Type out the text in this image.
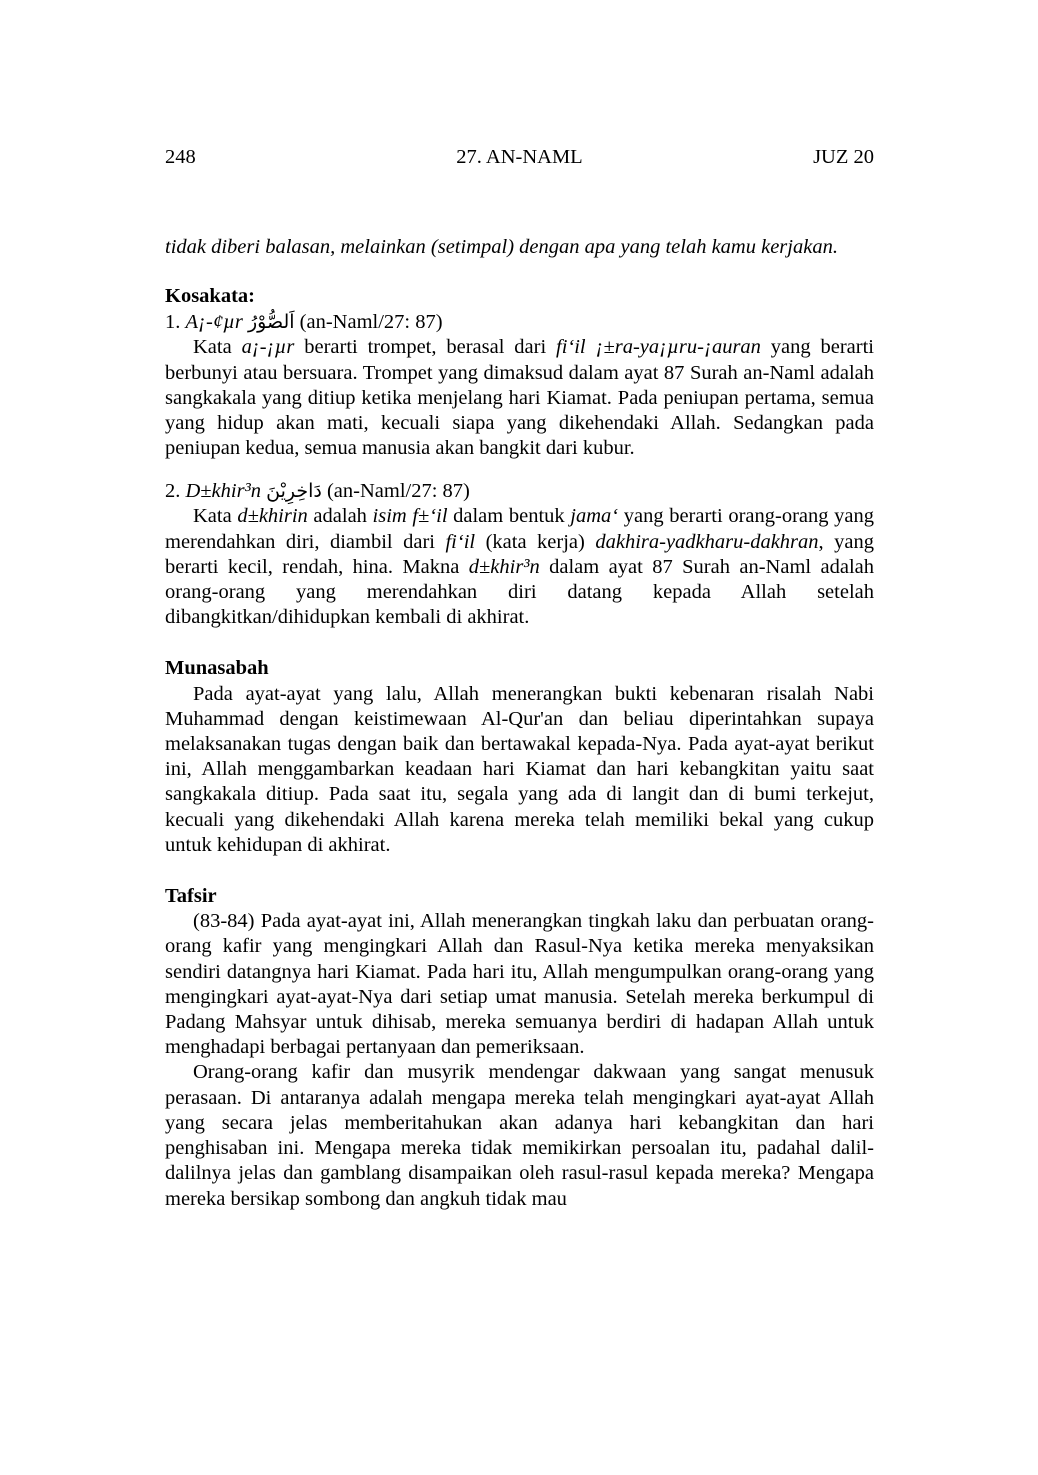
248	27. AN-NAML	JUZ 20

tidak diberi balasan, melainkan (setimpal) dengan apa yang telah kamu kerjakan.

Kosakata:

1. A¡-¢µr اَلصُّوْرُ (an-Naml/27: 87)

Kata a¡-¡µr berarti trompet, berasal dari fi‘il ¡±ra-ya¡µru-¡auran yang berarti berbunyi atau bersuara. Trompet yang dimaksud dalam ayat 87 Surah an-Naml adalah sangkakala yang ditiup ketika menjelang hari Kiamat. Pada peniupan pertama, semua yang hidup akan mati, kecuali siapa yang dikehendaki Allah. Sedangkan pada peniupan kedua, semua manusia akan bangkit dari kubur.

2. D±khir³n دَاخِرِيْنَ (an-Naml/27: 87)

Kata d±khirin adalah isim f±‘il dalam bentuk jama‘ yang berarti orang-orang yang merendahkan diri, diambil dari fi‘il (kata kerja) dakhira-yadkharu-dakhran, yang berarti kecil, rendah, hina. Makna d±khir³n dalam ayat 87 Surah an-Naml adalah orang-orang yang merendahkan diri datang kepada Allah setelah dibangkitkan/dihidupkan kembali di akhirat.

Munasabah

Pada ayat-ayat yang lalu, Allah menerangkan bukti kebenaran risalah Nabi Muhammad dengan keistimewaan Al-Qur'an dan beliau diperintahkan supaya melaksanakan tugas dengan baik dan bertawakal kepada-Nya. Pada ayat-ayat berikut ini, Allah menggambarkan keadaan hari Kiamat dan hari kebangkitan yaitu saat sangkakala ditiup. Pada saat itu, segala yang ada di langit dan di bumi terkejut, kecuali yang dikehendaki Allah karena mereka telah memiliki bekal yang cukup untuk kehidupan di akhirat.

Tafsir

(83-84) Pada ayat-ayat ini, Allah menerangkan tingkah laku dan perbuatan orang-orang kafir yang mengingkari Allah dan Rasul-Nya ketika mereka menyaksikan sendiri datangnya hari Kiamat. Pada hari itu, Allah mengumpulkan orang-orang yang mengingkari ayat-ayat-Nya dari setiap umat manusia. Setelah mereka berkumpul di Padang Mahsyar untuk dihisab, mereka semuanya berdiri di hadapan Allah untuk menghadapi berbagai pertanyaan dan pemeriksaan.

Orang-orang kafir dan musyrik mendengar dakwaan yang sangat menusuk perasaan. Di antaranya adalah mengapa mereka telah mengingkari ayat-ayat Allah yang secara jelas memberitahukan akan adanya hari kebangkitan dan hari penghisaban ini. Mengapa mereka tidak memikirkan persoalan itu, padahal dalil-dalilnya jelas dan gamblang disampaikan oleh rasul-rasul kepada mereka? Mengapa mereka bersikap sombong dan angkuh tidak mau
